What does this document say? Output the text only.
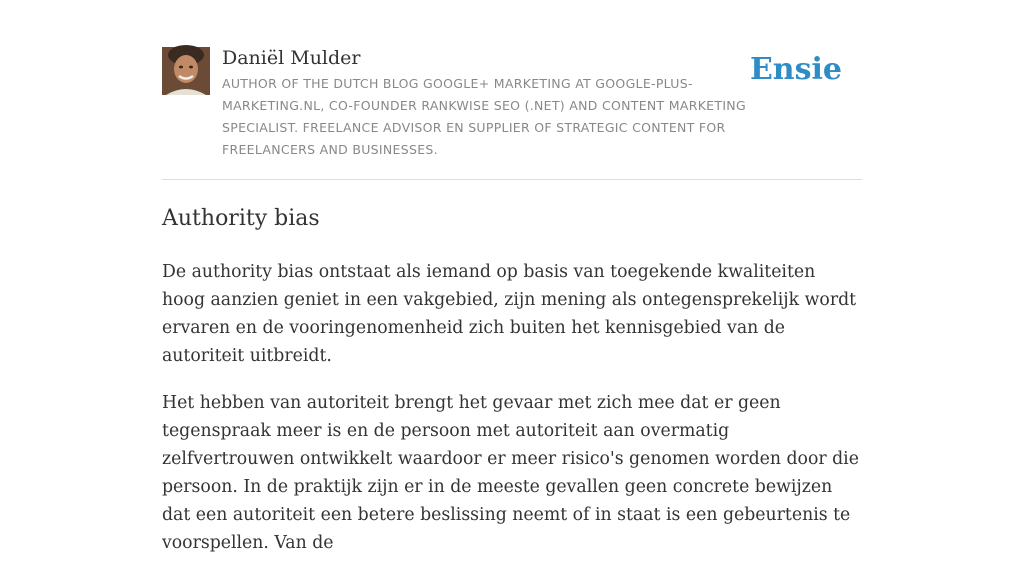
Daniël Mulder
AUTHOR OF THE DUTCH BLOG GOOGLE+ MARKETING AT GOOGLE-PLUS-MARKETING.NL, CO-FOUNDER RANKWISE SEO (.NET) AND CONTENT MARKETING SPECIALIST. FREELANCE ADVISOR EN SUPPLIER OF STRATEGIC CONTENT FOR FREELANCERS AND BUSINESSES.
Ensie
Authority bias

De authority bias ontstaat als iemand op basis van toegekende kwaliteiten hoog aanzien geniet in een vakgebied, zijn mening als ontegensprekelijk wordt ervaren en de vooringenomenheid zich buiten het kennisgebied van de autoriteit uitbreidt.

Het hebben van autoriteit brengt het gevaar met zich mee dat er geen tegenspraak meer is en de persoon met autoriteit aan overmatig zelfvertrouwen ontwikkelt waardoor er meer risico's genomen worden door die persoon. In de praktijk zijn er in de meeste gevallen geen concrete bewijzen dat een autoriteit een betere beslissing neemt of in staat is een gebeurtenis te voorspellen. Van de
